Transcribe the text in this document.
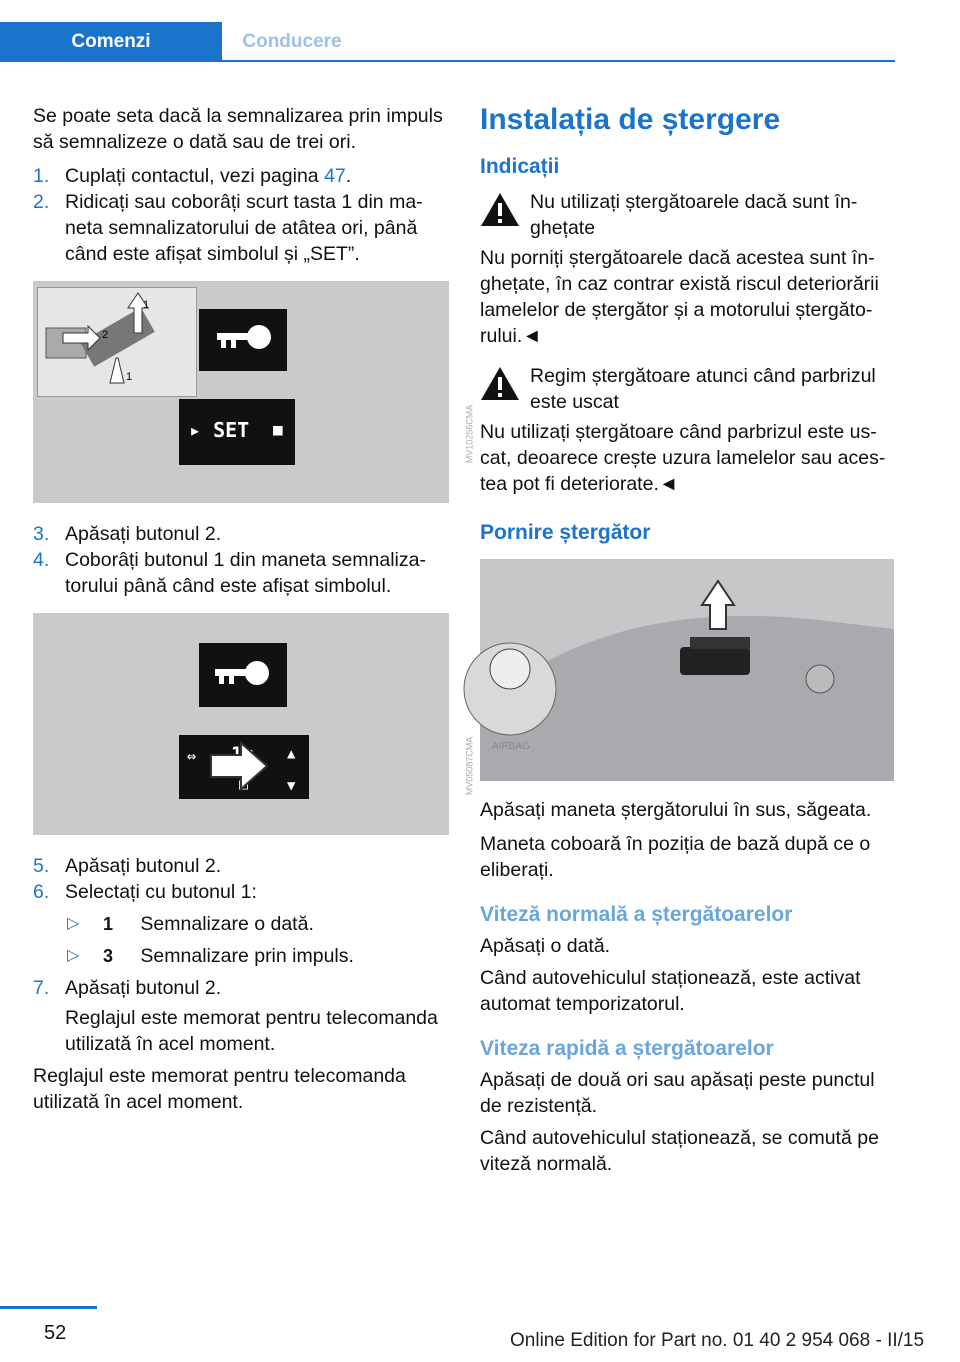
Comenzi	Conducere

Se poate seta dacă la semnalizarea prin impuls să semnalizeze o dată sau de trei ori.

1. Cuplați contactul, vezi pagina 47.
2. Ridicați sau coborâți scurt tasta 1 din ma‐neta semnalizatorului de atâtea ori, până când este afișat simbolul și „SET”.
1
2
1
▸ SET ■	MV10256CMA
3. Apăsați butonul 2.
4. Coborâți butonul 1 din maneta semnaliza‐torului până când este afișat simbolul.
⇔	▲
▼	MV05087CMA
5. Apăsați butonul 2.
6. Selectați cu butonul 1:
▷ 1 Semnalizare o dată.
▷ 3 Semnalizare prin impuls.
7. Apăsați butonul 2.
Reglajul este memorat pentru telecomanda utilizată în acel moment.

Reglajul este memorat pentru telecomanda utilizată în acel moment.

Instalația de ștergere
Indicații
Nu utilizați ștergătoarele dacă sunt în‐ghețate

Nu porniți ștergătoarele dacă acestea sunt în‐ghețate, în caz contrar există riscul deteriorării lamelelor de ștergător și a motorului ștergăto‐rului.◄

Regim ștergătoare atunci când parbrizul este uscat

Nu utilizați ștergătoare când parbrizul este us‐cat, deoarece crește uzura lamelelor sau aces‐tea pot fi deteriorate.◄

Pornire ștergător
AIRBAG

Apăsați maneta ștergătorului în sus, săgeata.

Maneta coboară în poziția de bază după ce o eliberați.

Viteză normală a ștergătoarelor

Apăsați o dată.

Când autovehiculul staționează, este activat automat temporizatorul.

Viteza rapidă a ștergătoarelor

Apăsați de două ori sau apăsați peste punctul de rezistență.

Când autovehiculul staționează, se comută pe viteză normală.

52	Online Edition for Part no. 01 40 2 954 068 - II/15
